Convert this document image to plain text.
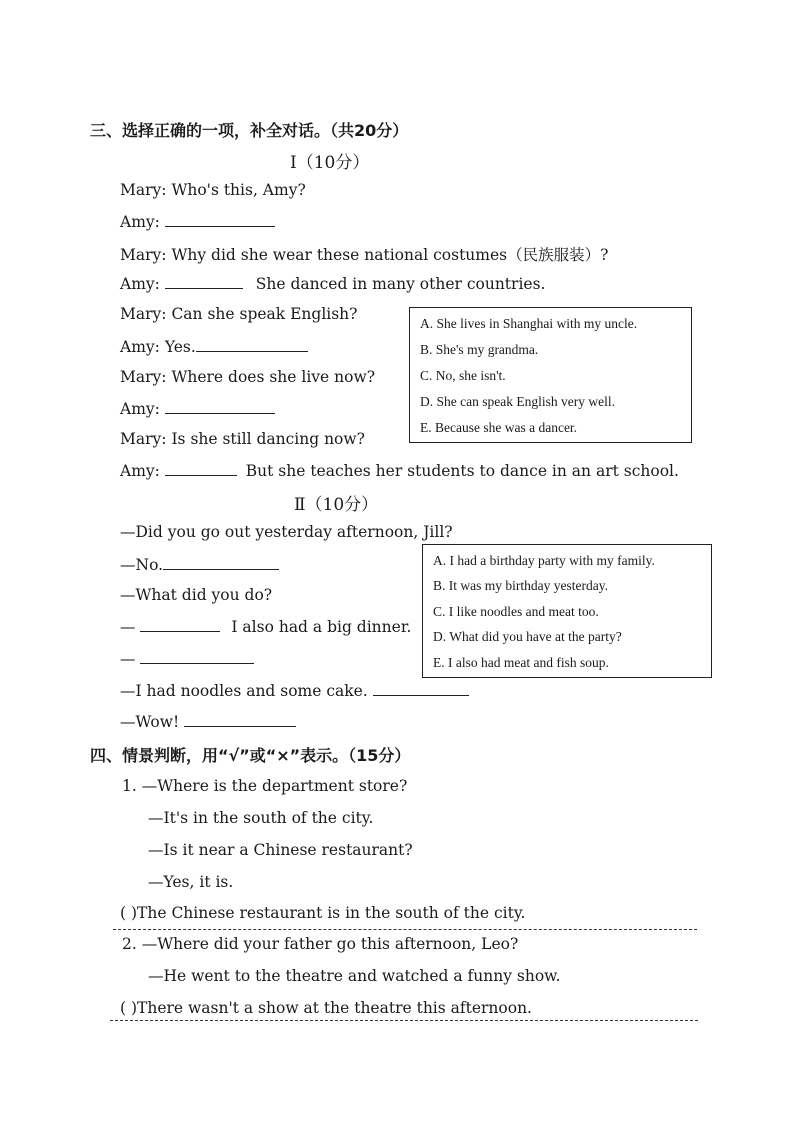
三、选择正确的一项，补全对话。（共20分）
Ⅰ（10分）
Mary: Who's this, Amy?
Amy:
Mary: Why did she wear these national costumes（民族服装）?
Amy:	She danced in many other countries.
Mary: Can she speak English?
Amy: Yes.
Mary: Where does she live now?
Amy:
Mary: Is she still dancing now?
Amy:	But she teaches her students to dance in an art school.
A. She lives in Shanghai with my uncle.
B. She's my grandma.
C. No, she isn't.
D. She can speak English very well.
E. Because she was a dancer.
Ⅱ（10分）
—Did you go out yesterday afternoon, Jill?
—No.
—What did you do?
—	I also had a big dinner.
—
—I had noodles and some cake.
—Wow!
A. I had a birthday party with my family.
B. It was my birthday yesterday.
C. I like noodles and meat too.
D. What did you have at the party?
E. I also had meat and fish soup.
四、情景判断，用“√”或“×”表示。（15分）
1. —Where is the department store?
—It's in the south of the city.
—Is it near a Chinese restaurant?
—Yes, it is.
( )The Chinese restaurant is in the south of the city.
2. —Where did your father go this afternoon, Leo?
—He went to the theatre and watched a funny show.
( )There wasn't a show at the theatre this afternoon.
